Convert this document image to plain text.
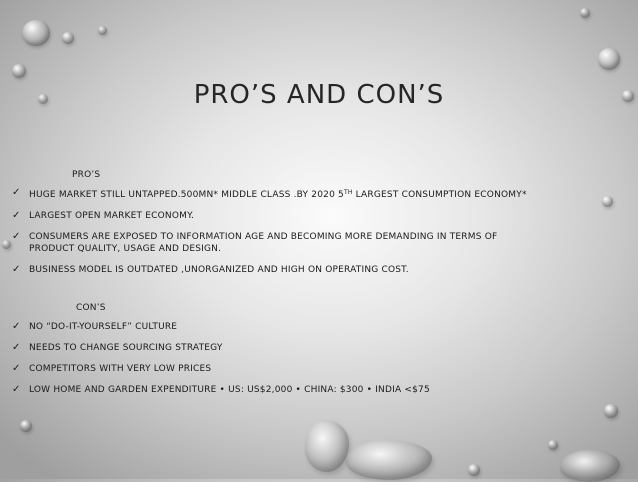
PRO’S AND CON’S
PRO’S
✓ HUGE MARKET STILL UNTAPPED.500MN* MIDDLE CLASS .BY 2020 5TH LARGEST CONSUMPTION ECONOMY*
✓ LARGEST OPEN MARKET ECONOMY.
✓ CONSUMERS ARE EXPOSED TO INFORMATION AGE AND BECOMING MORE DEMANDING IN TERMS OF PRODUCT QUALITY, USAGE AND DESIGN.
✓ BUSINESS MODEL IS OUTDATED ,UNORGANIZED AND HIGH ON OPERATING COST.
CON’S
✓ NO “DO-IT-YOURSELF” CULTURE
✓ NEEDS TO CHANGE SOURCING STRATEGY
✓ COMPETITORS WITH VERY LOW PRICES
✓ LOW HOME AND GARDEN EXPENDITURE • US: US$2,000 • CHINA: $300 • INDIA <$75
